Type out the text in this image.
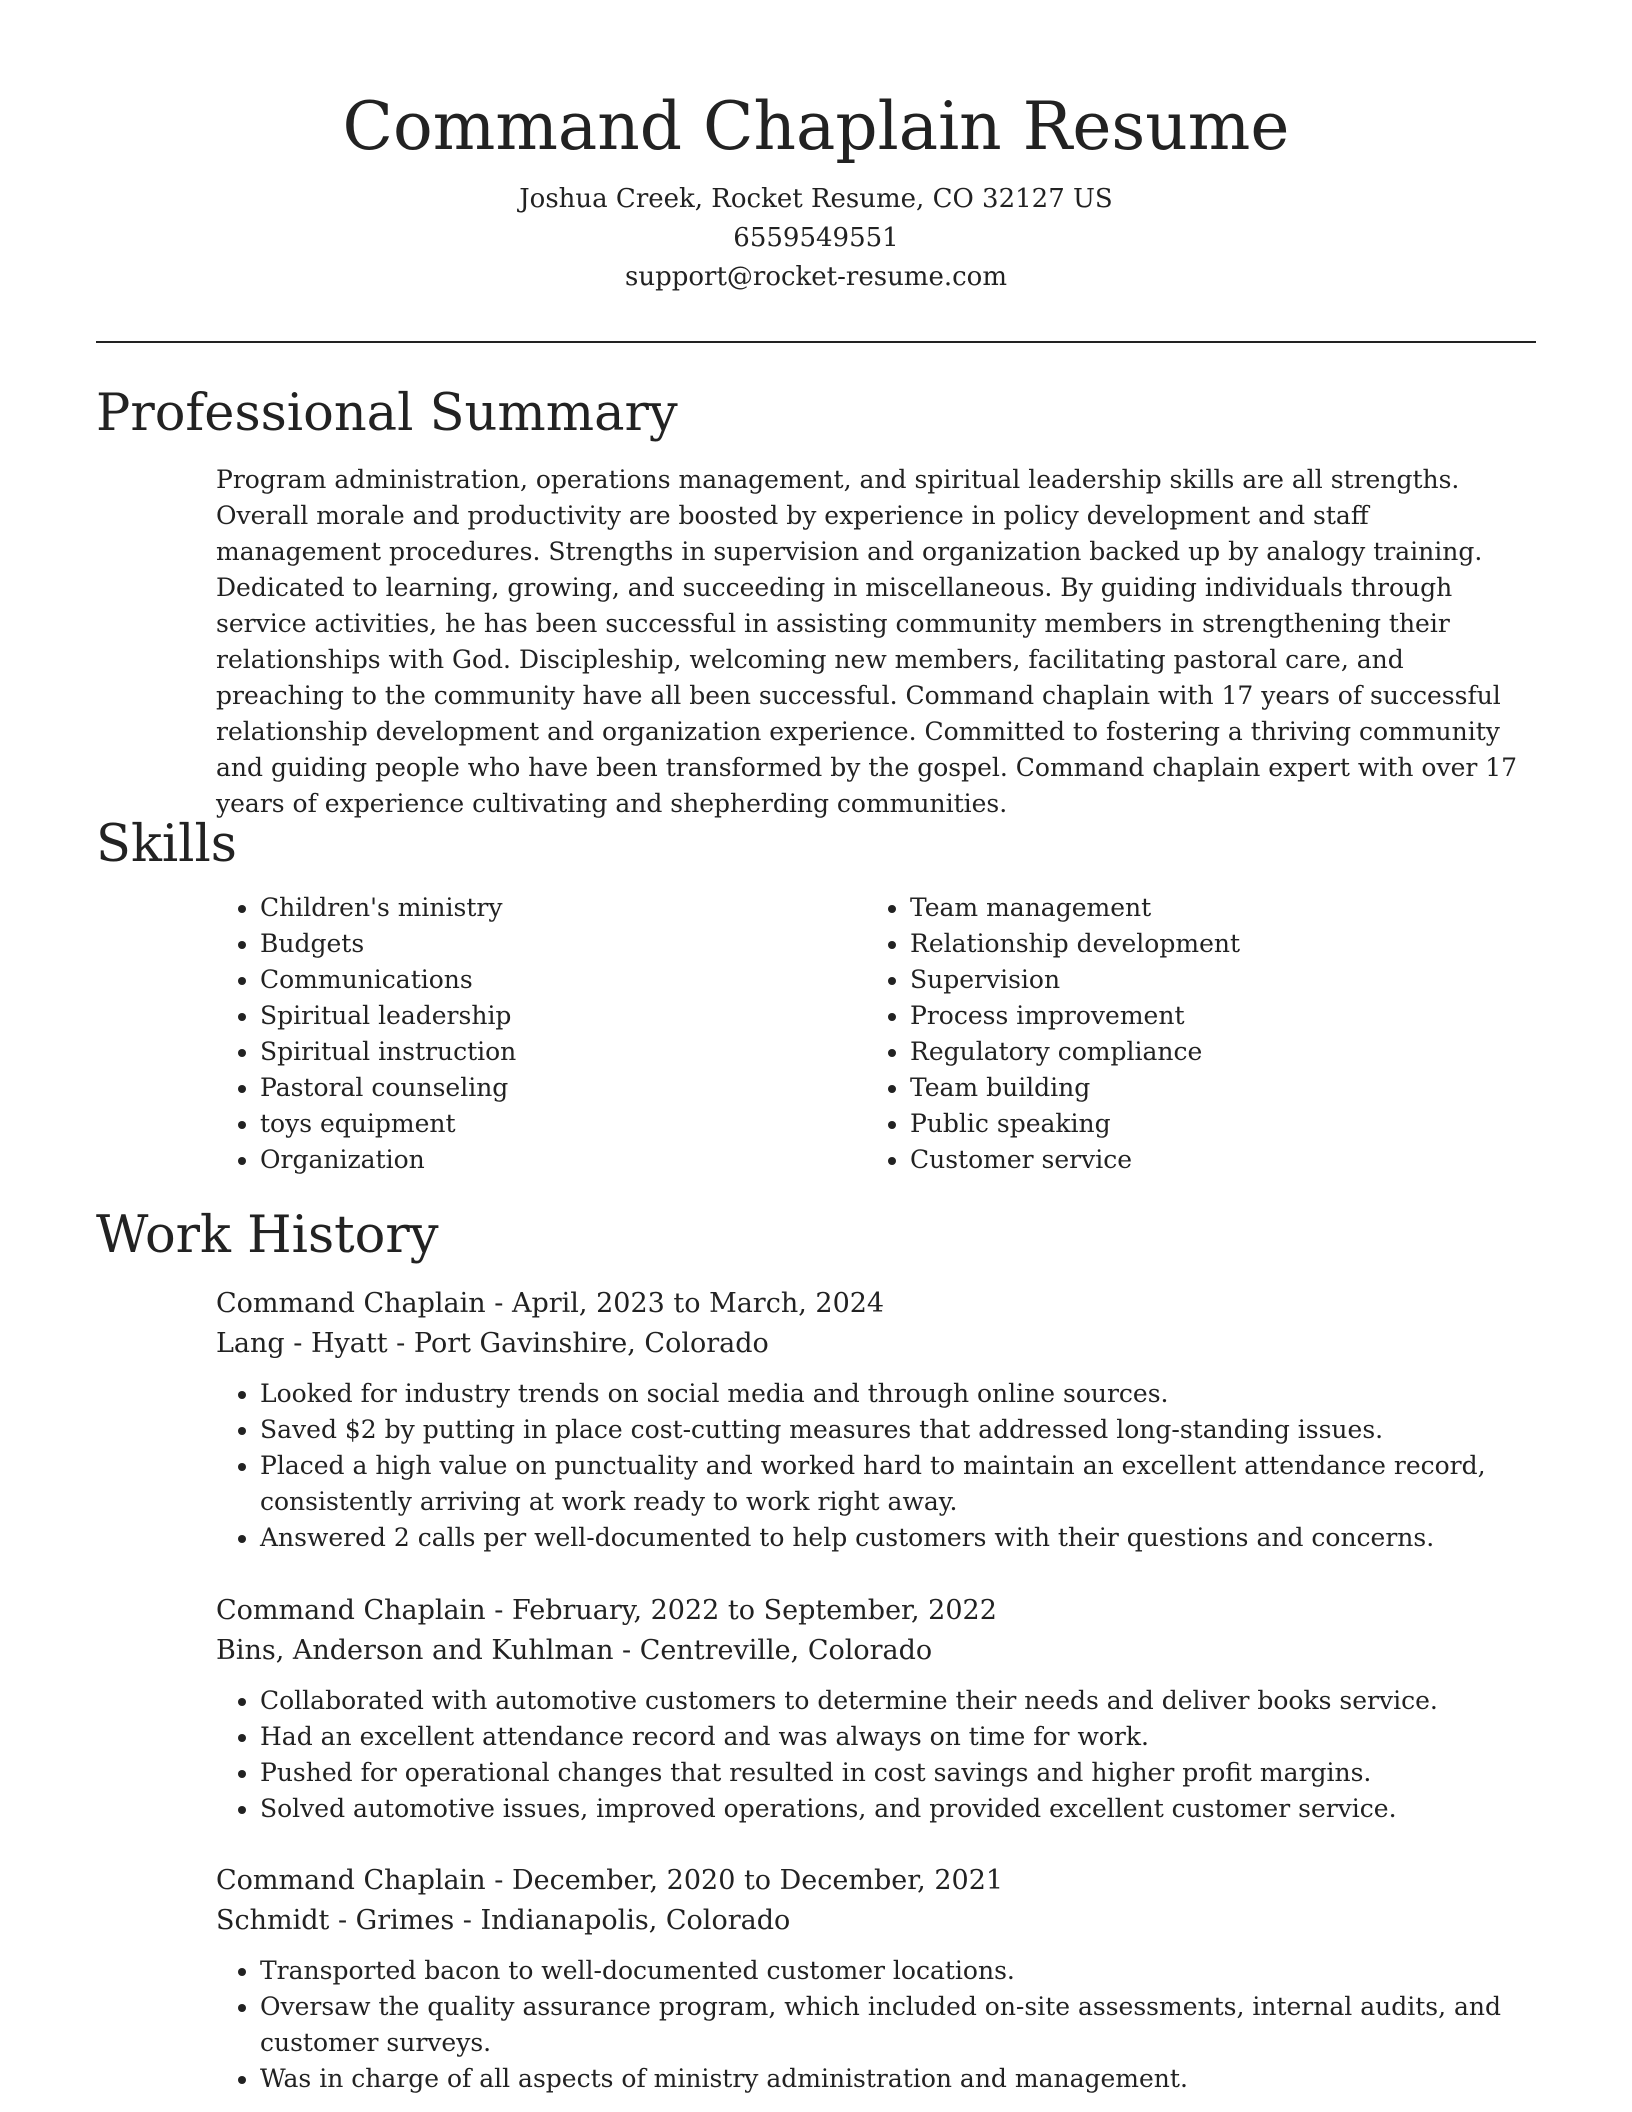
Command Chaplain Resume
Joshua Creek, Rocket Resume, CO 32127 US
6559549551
support@rocket-resume.com
Professional Summary
Program administration, operations management, and spiritual leadership skills are all strengths. Overall morale and productivity are boosted by experience in policy development and staff management procedures. Strengths in supervision and organization backed up by analogy training. Dedicated to learning, growing, and succeeding in miscellaneous. By guiding individuals through service activities, he has been successful in assisting community members in strengthening their relationships with God. Discipleship, welcoming new members, facilitating pastoral care, and preaching to the community have all been successful. Command chaplain with 17 years of successful relationship development and organization experience. Committed to fostering a thriving community and guiding people who have been transformed by the gospel. Command chaplain expert with over 17 years of experience cultivating and shepherding communities.
Skills
• Children's ministry
• Budgets
• Communications
• Spiritual leadership
• Spiritual instruction
• Pastoral counseling
• toys equipment
• Organization
• Team management
• Relationship development
• Supervision
• Process improvement
• Regulatory compliance
• Team building
• Public speaking
• Customer service
Work History
Command Chaplain - April, 2023 to March, 2024
Lang - Hyatt - Port Gavinshire, Colorado
• Looked for industry trends on social media and through online sources.
• Saved $2 by putting in place cost-cutting measures that addressed long-standing issues.
• Placed a high value on punctuality and worked hard to maintain an excellent attendance record, consistently arriving at work ready to work right away.
• Answered 2 calls per well-documented to help customers with their questions and concerns.
Command Chaplain - February, 2022 to September, 2022
Bins, Anderson and Kuhlman - Centreville, Colorado
• Collaborated with automotive customers to determine their needs and deliver books service.
• Had an excellent attendance record and was always on time for work.
• Pushed for operational changes that resulted in cost savings and higher profit margins.
• Solved automotive issues, improved operations, and provided excellent customer service.
Command Chaplain - December, 2020 to December, 2021
Schmidt - Grimes - Indianapolis, Colorado
• Transported bacon to well-documented customer locations.
• Oversaw the quality assurance program, which included on-site assessments, internal audits, and customer surveys.
• Was in charge of all aspects of ministry administration and management.
